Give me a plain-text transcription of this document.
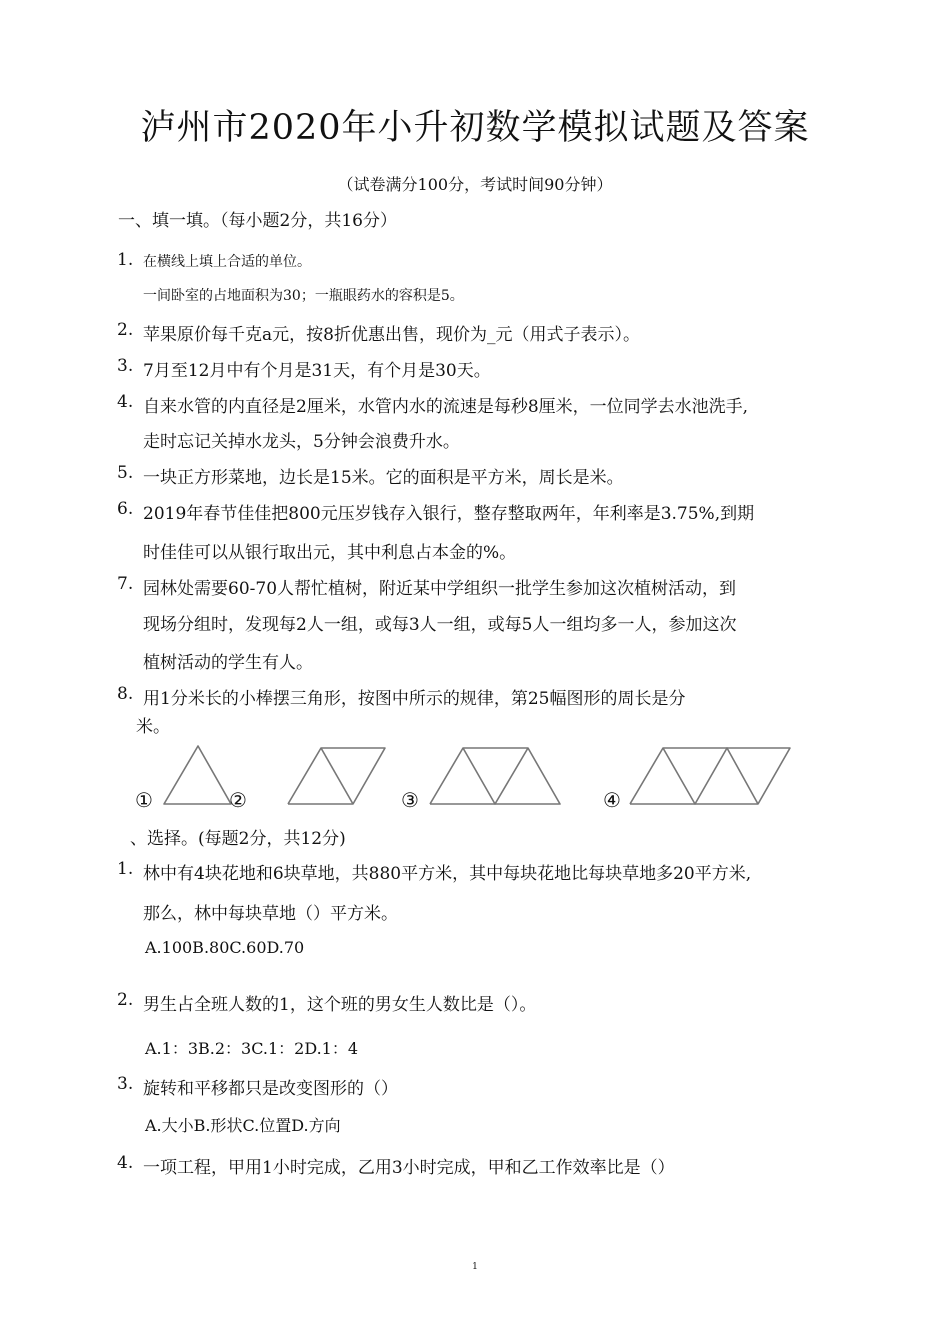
泸州市2020年小升初数学模拟试题及答案
（试卷满分100分，考试时间90分钟）
一、填一填。（每小题2分，共16分）
1. 在横线上填上合适的单位。
一间卧室的占地面积为30；一瓶眼药水的容积是5。
2. 苹果原价每千克a元，按8折优惠出售，现价为_元（用式子表示）。
3. 7月至12月中有个月是31天，有个月是30天。
4. 自来水管的内直径是2厘米，水管内水的流速是每秒8厘米，一位同学去水池洗手,
走时忘记关掉水龙头，5分钟会浪费升水。
5. 一块正方形菜地，边长是15米。它的面积是平方米，周长是米。
6. 2019年春节佳佳把800元压岁钱存入银行，整存整取两年，年利率是3.75%,到期
时佳佳可以从银行取出元，其中利息占本金的%。
7. 园林处需要60-70人帮忙植树，附近某中学组织一批学生参加这次植树活动，到
现场分组时，发现每2人一组，或每3人一组，或每5人一组均多一人，参加这次
植树活动的学生有人。
8. 用1分米长的小棒摆三角形，按图中所示的规律，第25幅图形的周长是分
米。
①	②	③	④
、选择。(每题2分，共12分)
1. 林中有4块花地和6块草地，共880平方米，其中每块花地比每块草地多20平方米,
那么，林中每块草地（）平方米。
A.100B.80C.60D.70
2. 男生占全班人数的1，这个班的男女生人数比是（）。
A.1：3B.2：3C.1：2D.1：4
3. 旋转和平移都只是改变图形的（）
A.大小B.形状C.位置D.方向
4. 一项工程，甲用1小时完成，乙用3小时完成，甲和乙工作效率比是（）
1
